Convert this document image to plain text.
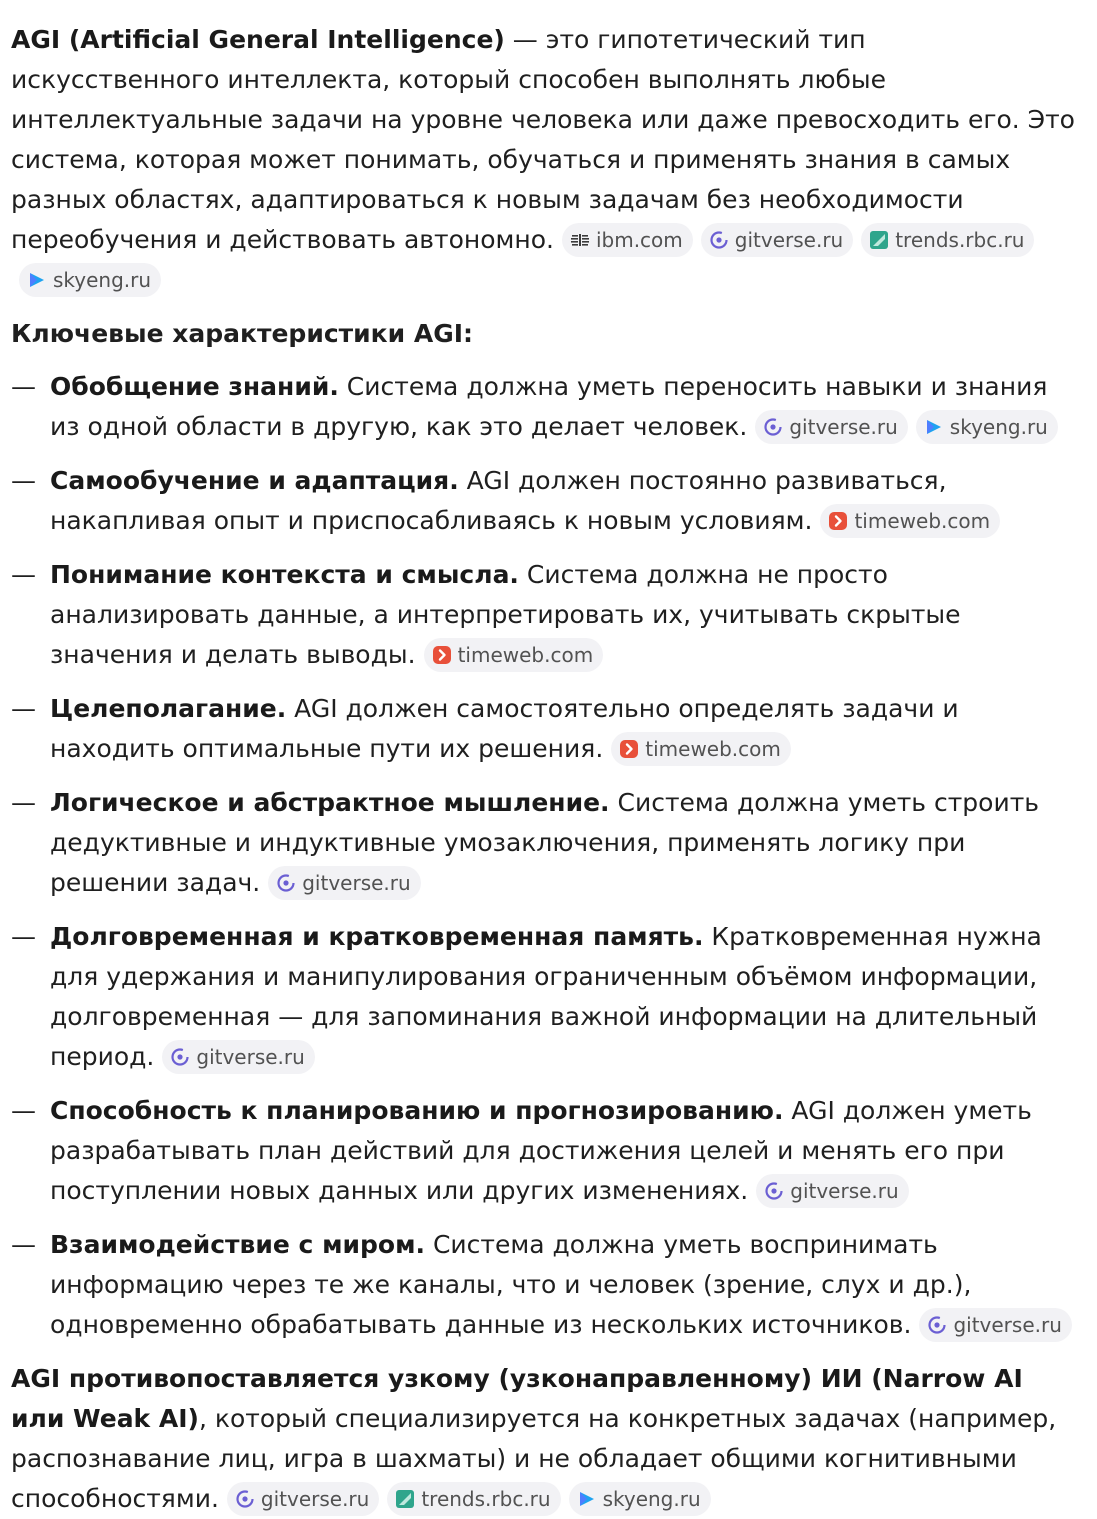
AGI (Artificial General Intelligence) — это гипотетический тип искусственного интеллекта, который способен выполнять любые интеллектуальные задачи на уровне человека или даже превосходить его. Это система, которая может понимать, обучаться и применять знания в самых разных областях, адаптироваться к новым задачам без необходимости переобучения и действовать автономно. ibm.com	gitverse.ru	trends.rbc.ru
skyeng.ru

Ключевые характеристики AGI:

— Обобщение знаний. Система должна уметь переносить навыки и знания из одной области в другую, как это делает человек. gitverse.ru	skyeng.ru
— Самообучение и адаптация. AGI должен постоянно развиваться, накапливая опыт и приспосабливаясь к новым условиям. timeweb.com
— Понимание контекста и смысла. Система должна не просто анализировать данные, а интерпретировать их, учитывать скрытые значения и делать выводы. timeweb.com
— Целеполагание. AGI должен самостоятельно определять задачи и находить оптимальные пути их решения. timeweb.com
— Логическое и абстрактное мышление. Система должна уметь строить дедуктивные и индуктивные умозаключения, применять логику при решении задач. gitverse.ru
— Долговременная и кратковременная память. Кратковременная нужна для удержания и манипулирования ограниченным объёмом информации, долговременная — для запоминания важной информации на длительный период. gitverse.ru
— Способность к планированию и прогнозированию. AGI должен уметь разрабатывать план действий для достижения целей и менять его при поступлении новых данных или других изменениях. gitverse.ru
— Взаимодействие с миром. Система должна уметь воспринимать информацию через те же каналы, что и человек (зрение, слух и др.), одновременно обрабатывать данные из нескольких источников. gitverse.ru

AGI противопоставляется узкому (узконаправленному) ИИ (Narrow AI или Weak AI), который специализируется на конкретных задачах (например, распознавание лиц, игра в шахматы) и не обладает общими когнитивными способностями. gitverse.ru	trends.rbc.ru	skyeng.ru
